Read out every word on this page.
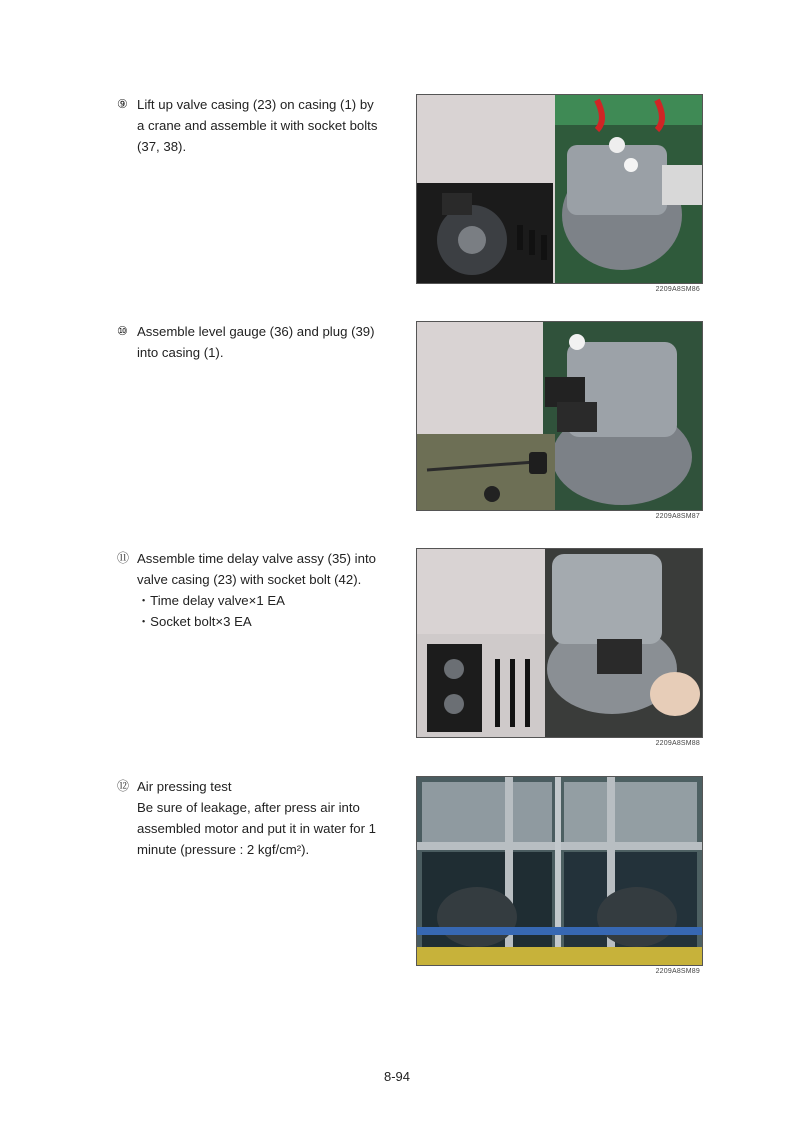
⑨ Lift up valve casing (23) on casing (1) by
a crane and assemble it with socket bolts
(37, 38).
2209A8SM86
⑩ Assemble level gauge (36) and plug (39)
into casing (1).
2209A8SM87
⑪ Assemble time delay valve assy (35) into
valve casing (23) with socket bolt (42).
・Time delay valve×1 EA
・Socket bolt×3 EA
2209A8SM88
⑫ Air pressing test
Be sure of leakage, after press air into
assembled motor and put it in water for 1
minute (pressure : 2 kgf/cm²).
2209A8SM89
8-94
